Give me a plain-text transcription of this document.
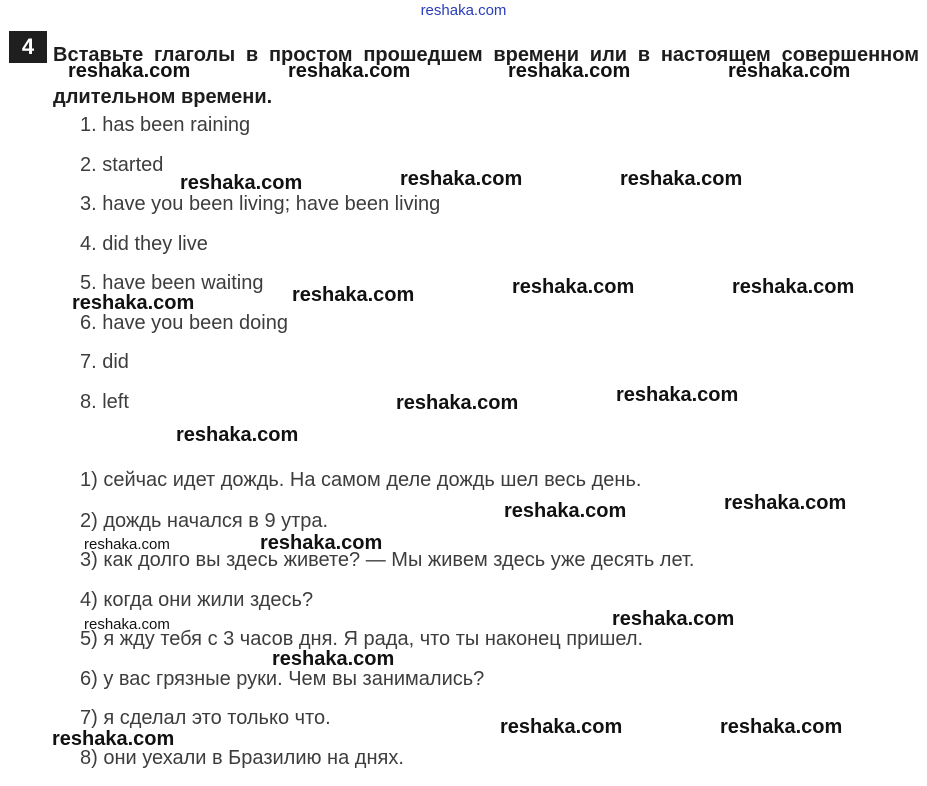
reshaka.com
4 Вставьте глаголы в простом прошедшем времени или в настоящем совершенном длительном времени.
1. has been raining
2. started
3. have you been living; have been living
4. did they live
5. have been waiting
6. have you been doing
7. did
8. left
1) сейчас идет дождь. На самом деле дождь шел весь день.
2) дождь начался в 9 утра.
3) как долго вы здесь живете? — Мы живем здесь уже десять лет.
4) когда они жили здесь?
5) я жду тебя с 3 часов дня. Я рада, что ты наконец пришел.
6) у вас грязные руки. Чем вы занимались?
7) я сделал это только что.
8) они уехали в Бразилию на днях.
reshaka.com	reshaka.com	reshaka.com	reshaka.com
reshaka.com	reshaka.com	reshaka.com
reshaka.com	reshaka.com	reshaka.com
reshaka.com
reshaka.com	reshaka.com
reshaka.com
reshaka.com	reshaka.com
reshaka.com	reshaka.com
reshaka.com
reshaka.com
reshaka.com
reshaka.com	reshaka.com
reshaka.com
